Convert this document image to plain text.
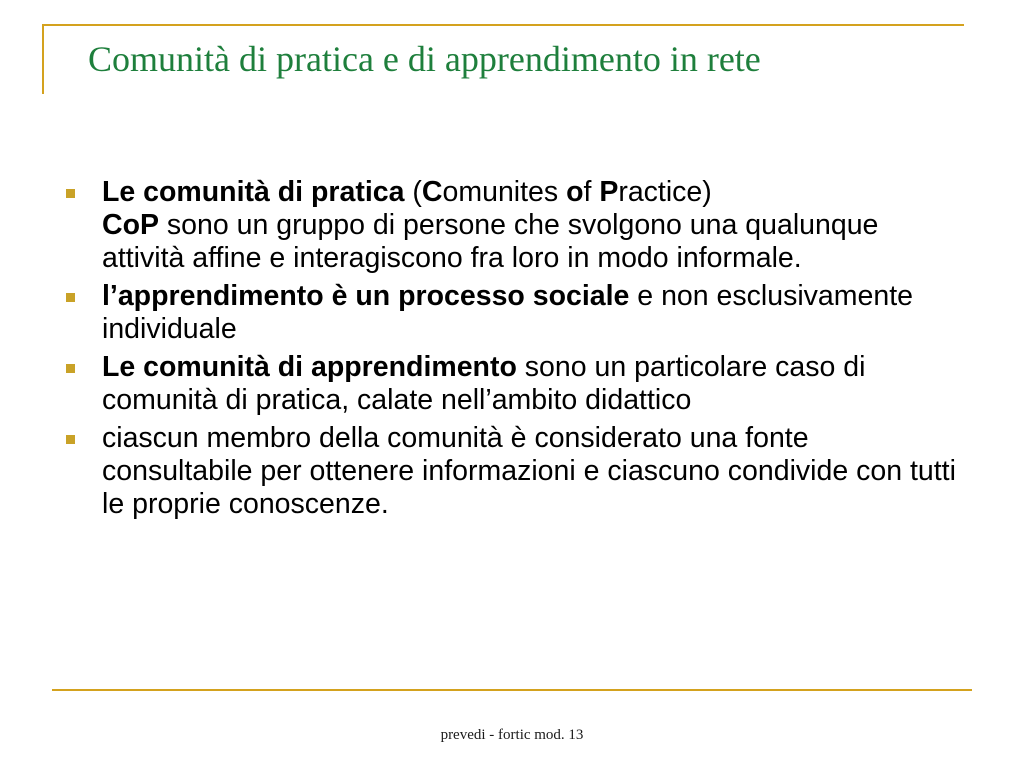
Comunità di pratica e di apprendimento in rete
Le comunità di pratica (Comunites of Practice)
CoP sono un gruppo di persone che svolgono una qualunque attività affine e interagiscono fra loro in modo informale.
l’apprendimento è un processo sociale e non esclusivamente individuale
Le comunità di apprendimento sono un particolare caso di comunità di pratica, calate nell’ambito didattico
ciascun membro della comunità è considerato una fonte consultabile per ottenere informazioni e ciascuno condivide con tutti le proprie conoscenze.
prevedi - fortic mod. 13
